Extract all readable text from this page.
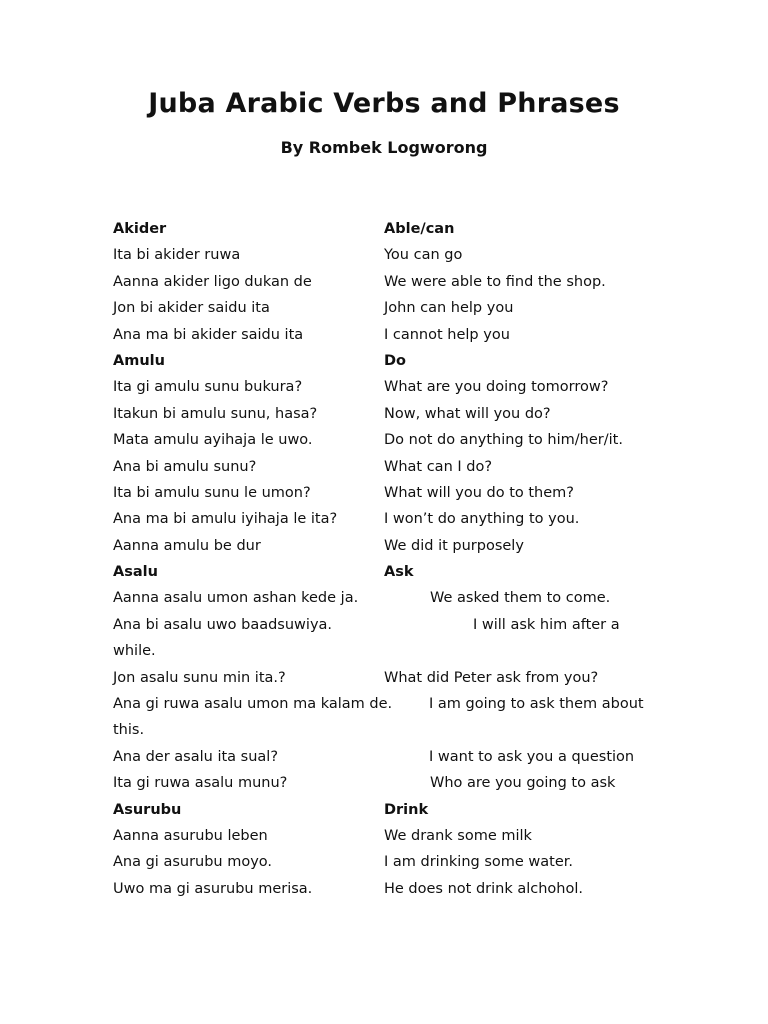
Juba Arabic Verbs and Phrases
By Rombek Logworong
Akider	Able/can
Ita bi akider ruwa	You can go
Aanna akider ligo dukan de	We were able to find the shop.
Jon bi akider saidu ita	John can help you
Ana ma bi akider saidu ita	I cannot help you
Amulu	Do
Ita gi amulu sunu bukura?	What are you doing tomorrow?
Itakun bi amulu sunu, hasa?	Now, what will you do?
Mata amulu ayihaja le uwo.	Do not do anything to him/her/it.
Ana bi amulu sunu?	What can I do?
Ita bi amulu sunu le umon?	What will you do to them?
Ana ma bi amulu iyihaja le ita?	I won’t do anything to you.
Aanna amulu be dur	We did it purposely
Asalu	Ask
Aanna asalu umon ashan kede ja.	We asked them to come.
Ana bi asalu uwo baadsuwiya.	I will ask him after a
while.
Jon asalu sunu min ita.?	What did Peter ask from you?
Ana gi ruwa asalu umon ma kalam de.	I am going to ask them about
this.
Ana der asalu ita sual?	I want to ask you a question
Ita gi ruwa asalu munu?	Who are you going to ask
Asurubu	Drink
Aanna asurubu leben	We drank some milk
Ana gi asurubu moyo.	I am drinking some water.
Uwo ma gi asurubu merisa.	He does not drink alchohol.
